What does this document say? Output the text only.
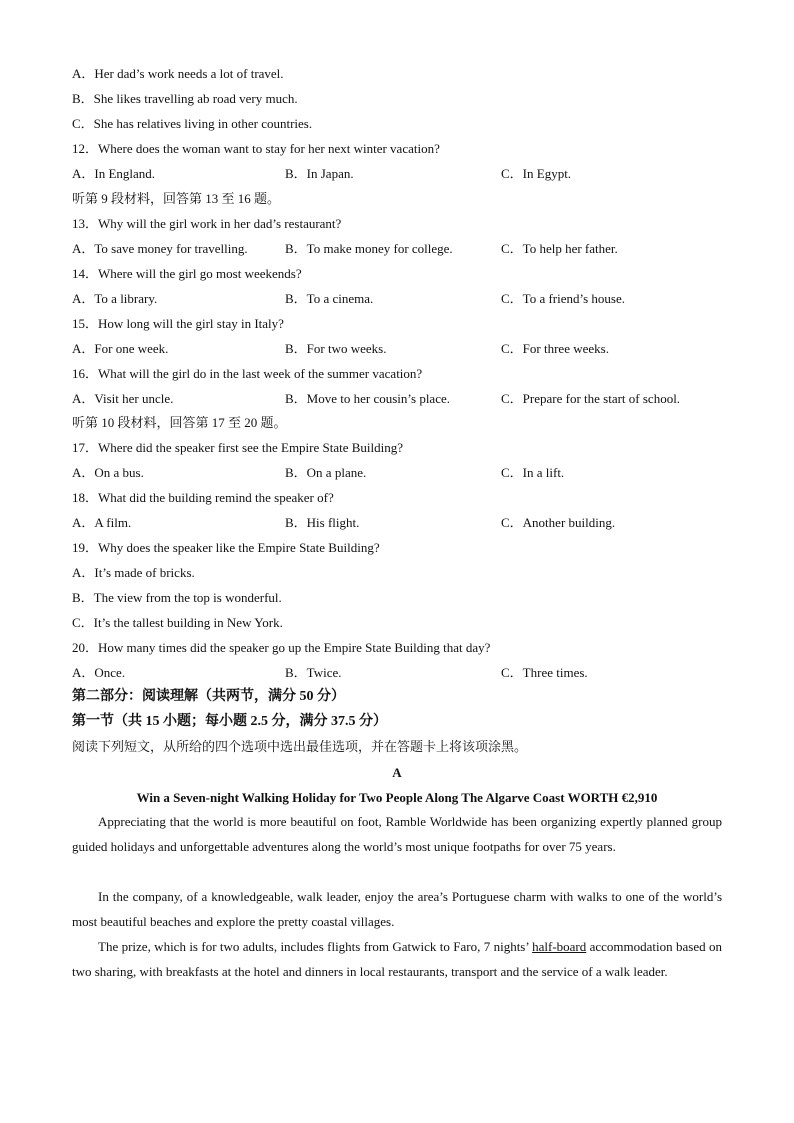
A．Her dad’s work needs a lot of travel.
B．She likes travelling ab road very much.
C．She has relatives living in other countries.
12．Where does the woman want to stay for her next winter vacation?
A．In England.	B．In Japan.	C．In Egypt.
听第 9 段材料，回答第 13 至 16 题。
13．Why will the girl work in her dad’s restaurant?
A．To save money for travelling.	B．To make money for college.	C．To help her father.
14．Where will the girl go most weekends?
A．To a library.	B．To a cinema.	C．To a friend’s house.
15．How long will the girl stay in Italy?
A．For one week.	B．For two weeks.	C．For three weeks.
16．What will the girl do in the last week of the summer vacation?
A．Visit her uncle.	B．Move to her cousin’s place.	C．Prepare for the start of school.
听第 10 段材料，回答第 17 至 20 题。
17．Where did the speaker first see the Empire State Building?
A．On a bus.	B．On a plane.	C．In a lift.
18．What did the building remind the speaker of?
A．A film.	B．His flight.	C．Another building.
19．Why does the speaker like the Empire State Building?
A．It’s made of bricks.
B．The view from the top is wonderful.
C．It’s the tallest building in New York.
20．How many times did the speaker go up the Empire State Building that day?
A．Once.	B．Twice.	C．Three times.
第二部分：阅读理解（共两节，满分 50 分）
第一节（共 15 小题；每小题 2.5 分，满分 37.5 分）
阅读下列短文，从所给的四个选项中选出最佳选项，并在答题卡上将该项涂黑。
A
Win a Seven-night Walking Holiday for Two People Along The Algarve Coast WORTH €2,910

Appreciating that the world is more beautiful on foot, Ramble Worldwide has been organizing expertly planned group guided holidays and unforgettable adventures along the world’s most unique footpaths for over 75 years.

In the company, of a knowledgeable, walk leader, enjoy the area’s Portuguese charm with walks to one of the world’s most beautiful beaches and explore the pretty coastal villages.

The prize, which is for two adults, includes flights from Gatwick to Faro, 7 nights’ half-board accommodation based on two sharing, with breakfasts at the hotel and dinners in local restaurants, transport and the service of a walk leader.
